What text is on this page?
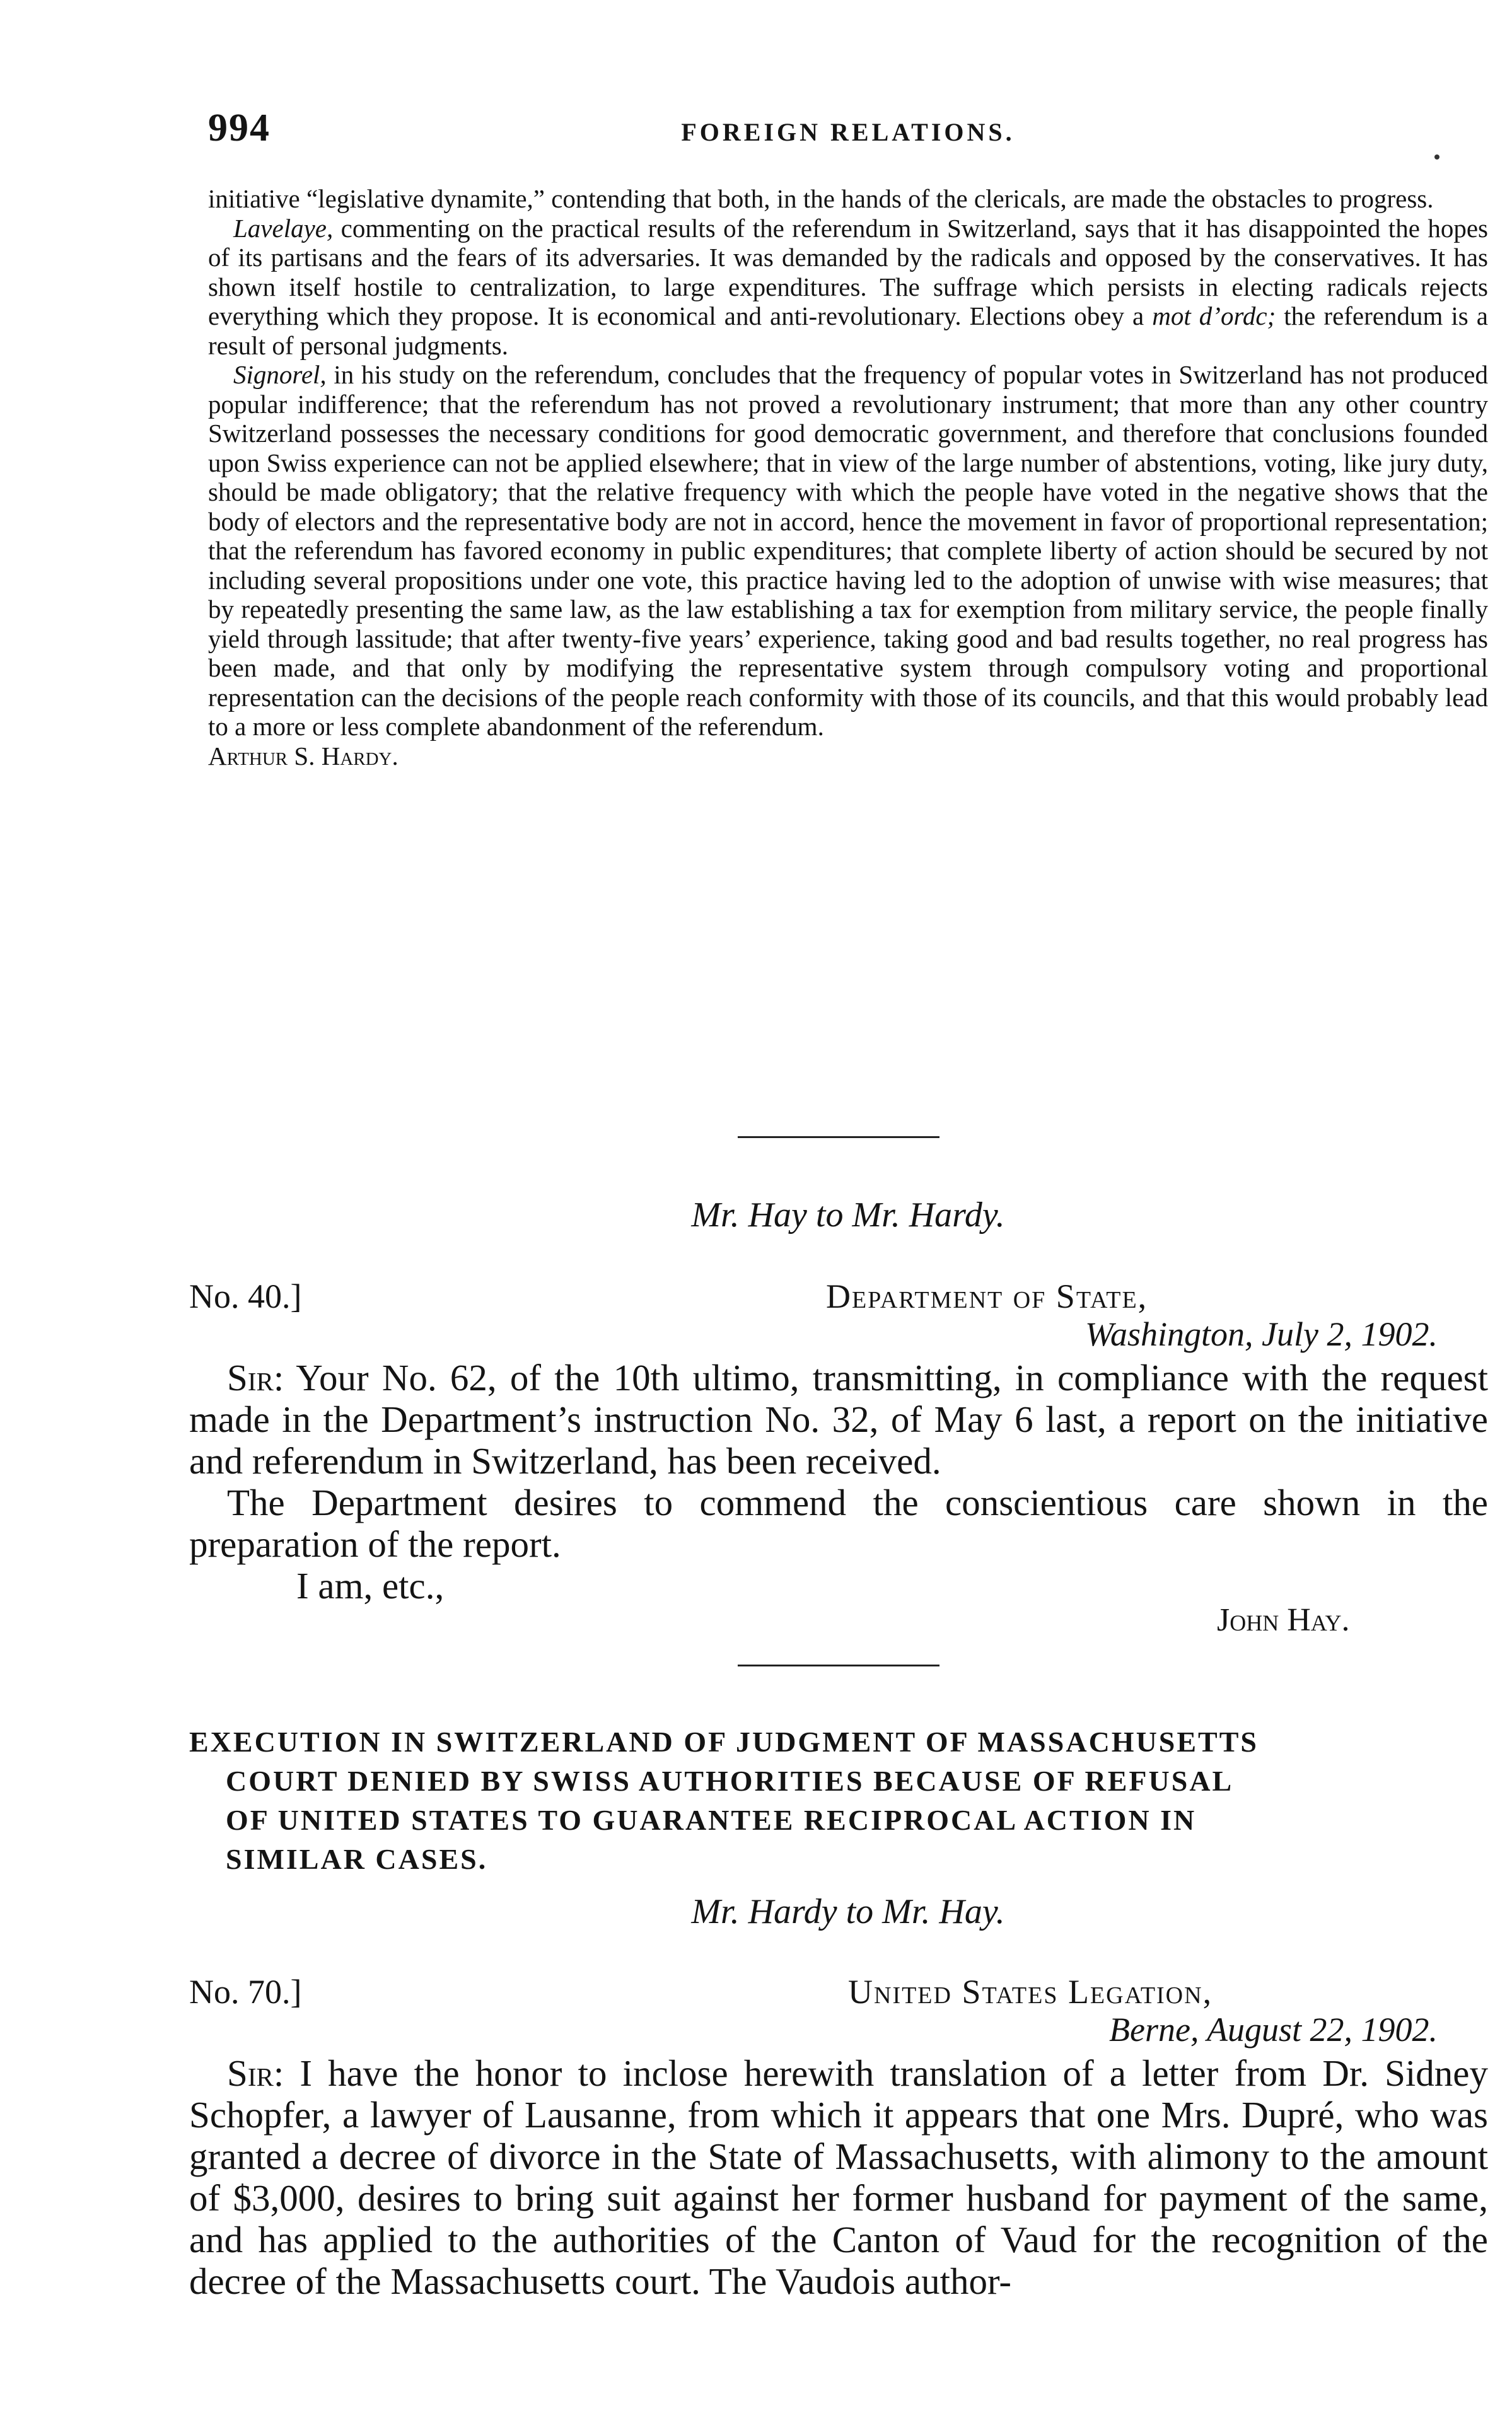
994	FOREIGN RELATIONS.

initiative “legislative dynamite,” contending that both, in the hands of the clericals, are made the obstacles to progress.

Lavelaye, commenting on the practical results of the referendum in Switzerland, says that it has disappointed the hopes of its partisans and the fears of its adversaries. It was demanded by the radicals and opposed by the conservatives. It has shown itself hostile to centralization, to large expenditures. The suffrage which persists in electing radicals rejects everything which they propose. It is economical and anti-revolutionary. Elections obey a mot d’ordc; the referendum is a result of personal judgments.

Signorel, in his study on the referendum, concludes that the frequency of popular votes in Switzerland has not produced popular indifference; that the referendum has not proved a revolutionary instrument; that more than any other country Switzerland possesses the necessary conditions for good democratic government, and therefore that conclusions founded upon Swiss experience can not be applied elsewhere; that in view of the large number of abstentions, voting, like jury duty, should be made obligatory; that the relative frequency with which the people have voted in the negative shows that the body of electors and the representative body are not in accord, hence the movement in favor of proportional representation; that the referendum has favored economy in public expenditures; that complete liberty of action should be secured by not including several propositions under one vote, this practice having led to the adoption of unwise with wise measures; that by repeatedly presenting the same law, as the law establishing a tax for exemption from military service, the people finally yield through lassitude; that after twenty-five years’ experience, taking good and bad results together, no real progress has been made, and that only by modifying the representative system through compulsory voting and proportional representation can the decisions of the people reach conformity with those of its councils, and that this would probably lead to a more or less complete abandonment of the referendum.

Arthur S. Hardy.

Mr. Hay to Mr. Hardy.
No. 40.]	Department of State,
Washington, July 2, 1902.

Sir: Your No. 62, of the 10th ultimo, transmitting, in compliance with the request made in the Department’s instruction No. 32, of May 6 last, a report on the initiative and referendum in Switzerland, has been received.

The Department desires to commend the conscientious care shown in the preparation of the report.

I am, etc.,

John Hay.
EXECUTION IN SWITZERLAND OF JUDGMENT OF MASSACHUSETTS
COURT DENIED BY SWISS AUTHORITIES BECAUSE OF REFUSAL
OF UNITED STATES TO GUARANTEE RECIPROCAL ACTION IN
SIMILAR CASES.
Mr. Hardy to Mr. Hay.
No. 70.]	United States Legation,
Berne, August 22, 1902.

Sir: I have the honor to inclose herewith translation of a letter from Dr. Sidney Schopfer, a lawyer of Lausanne, from which it appears that one Mrs. Dupré, who was granted a decree of divorce in the State of Massachusetts, with alimony to the amount of $3,000, desires to bring suit against her former husband for payment of the same, and has applied to the authorities of the Canton of Vaud for the recognition of the decree of the Massachusetts court. The Vaudois author-
